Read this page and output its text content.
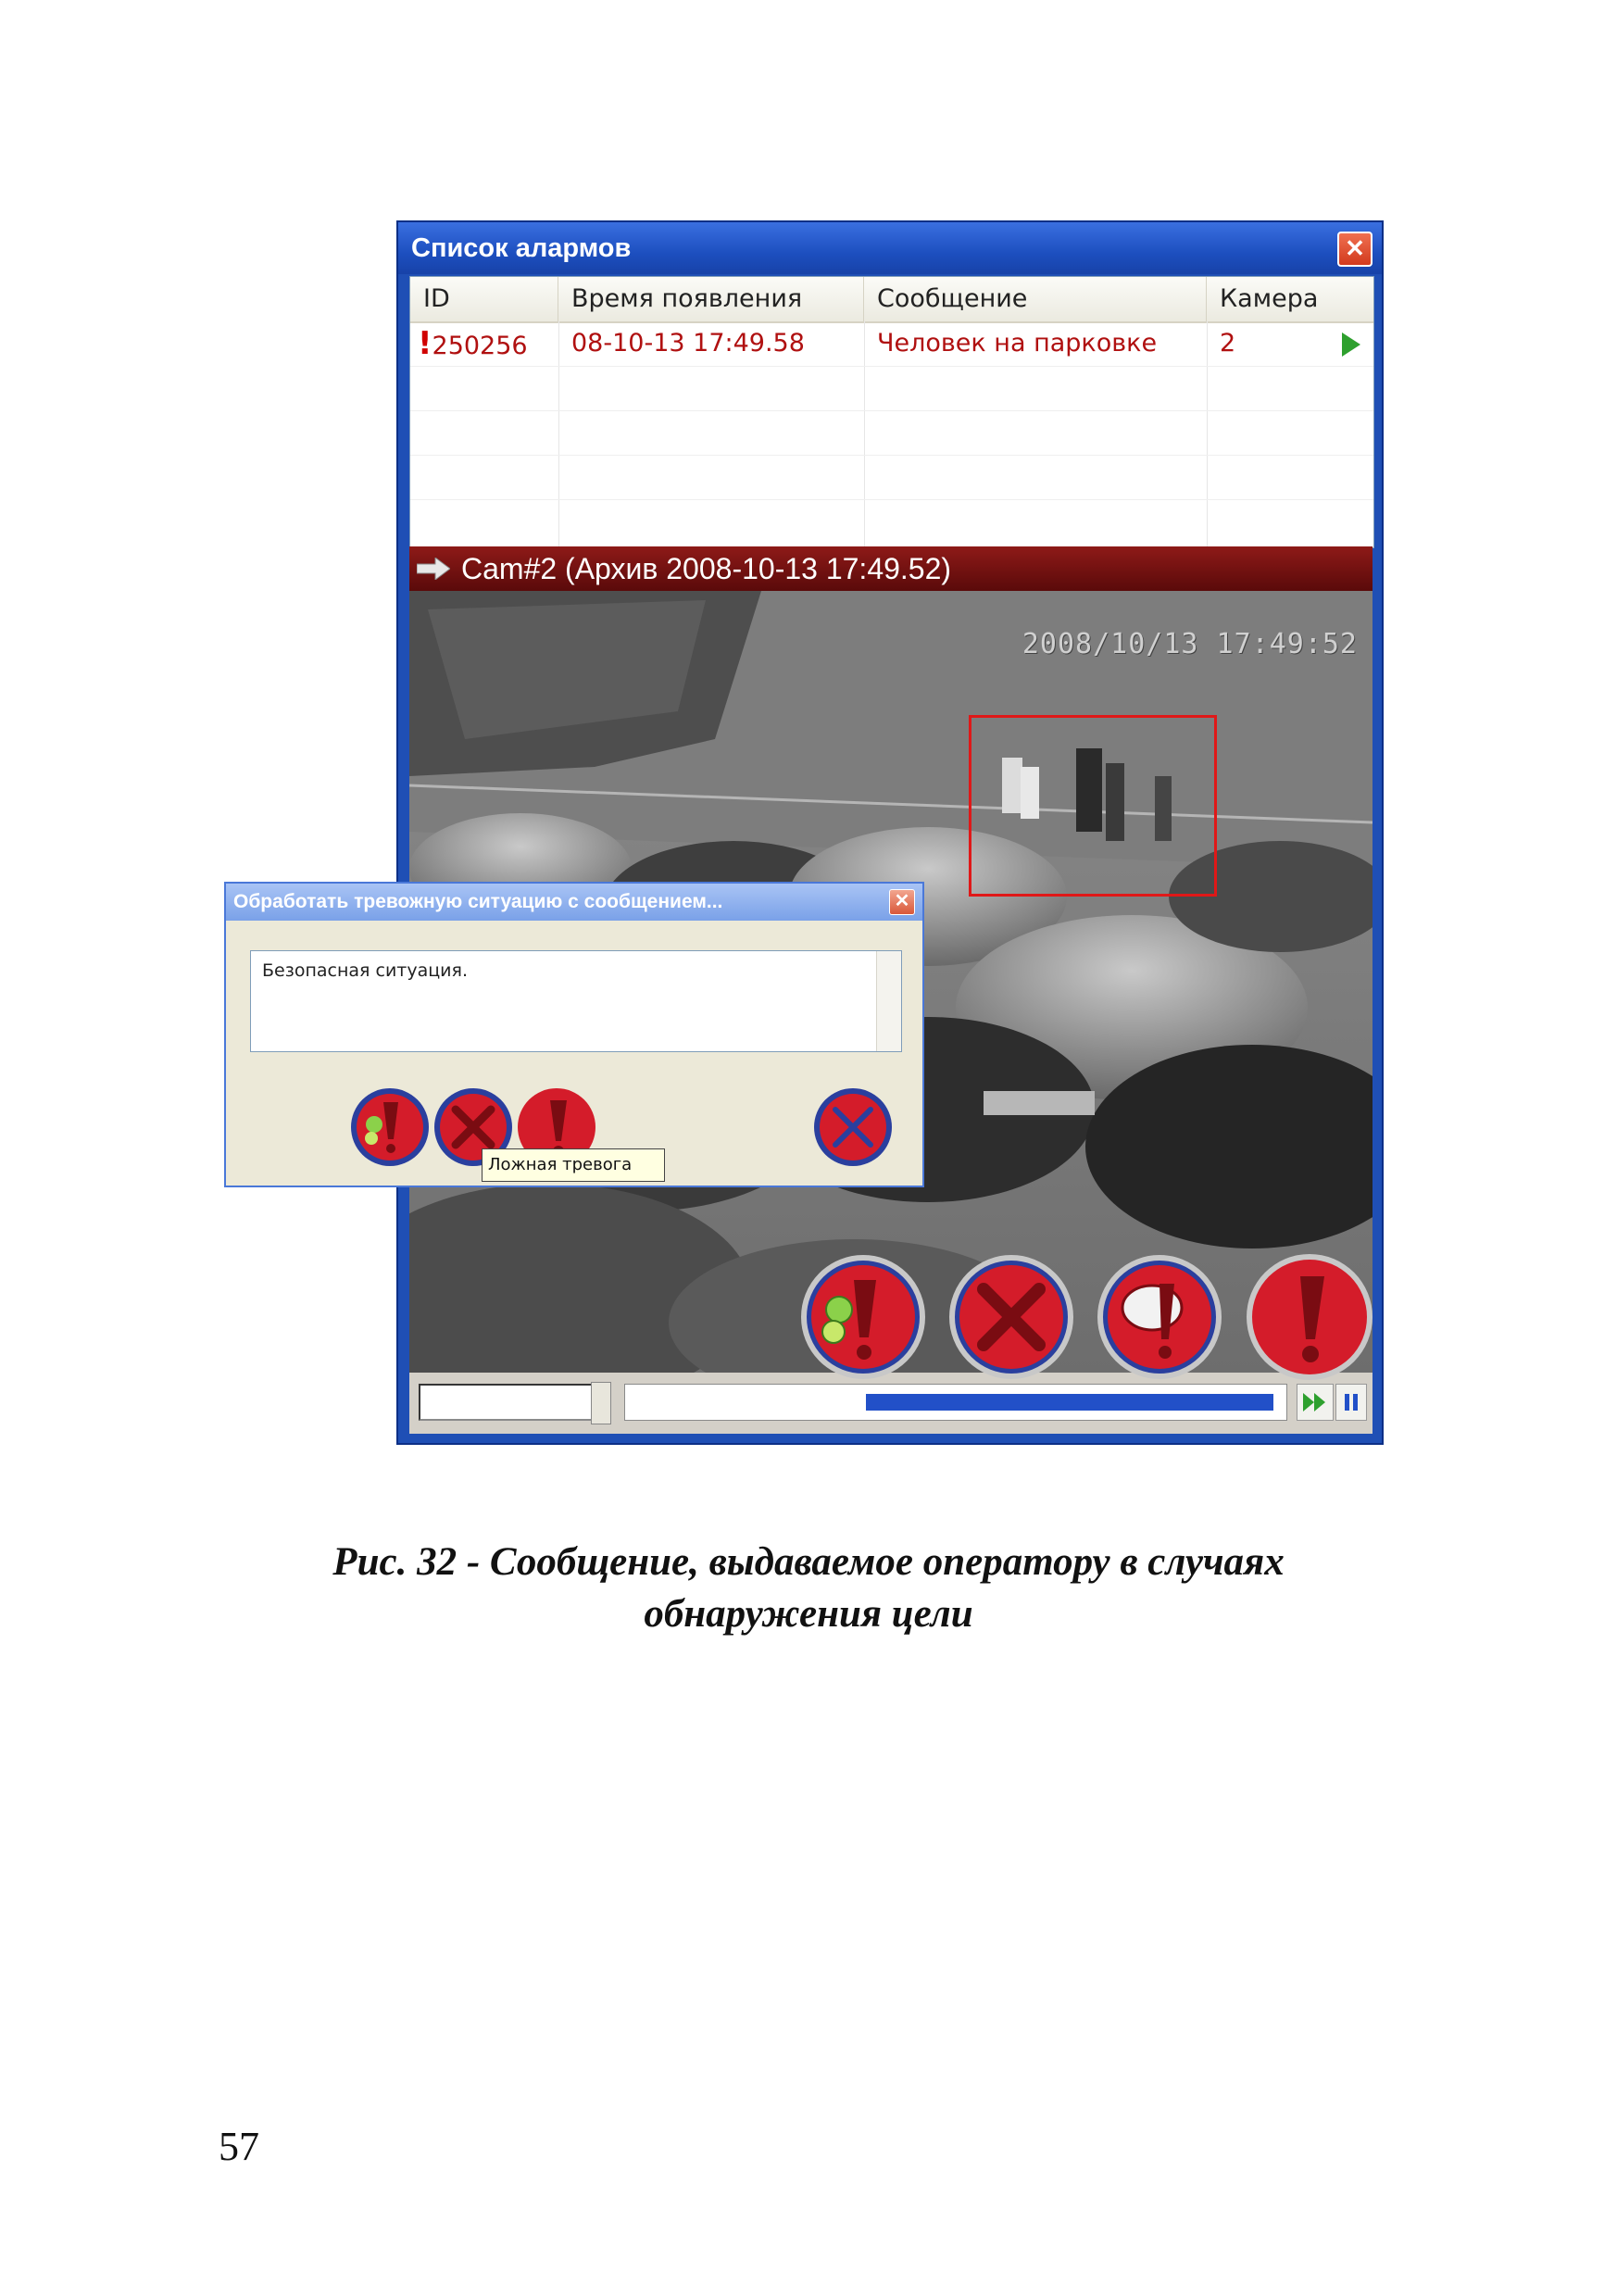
Список алармов	✕
ID	Время появления	Сообщение	Камера
!250256	08-10-13 17:49.58	Человек на парковке	2
Cam#2 (Архив 2008-10-13 17:49.52)
2008/10/13 17:49:52
Обработать тревожную ситуацию с сообщением...	✕
Безопасная ситуация.
Ложная тревога
Рис. 32 - Сообщение, выдаваемое оператору в случаях
обнаружения цели
57
